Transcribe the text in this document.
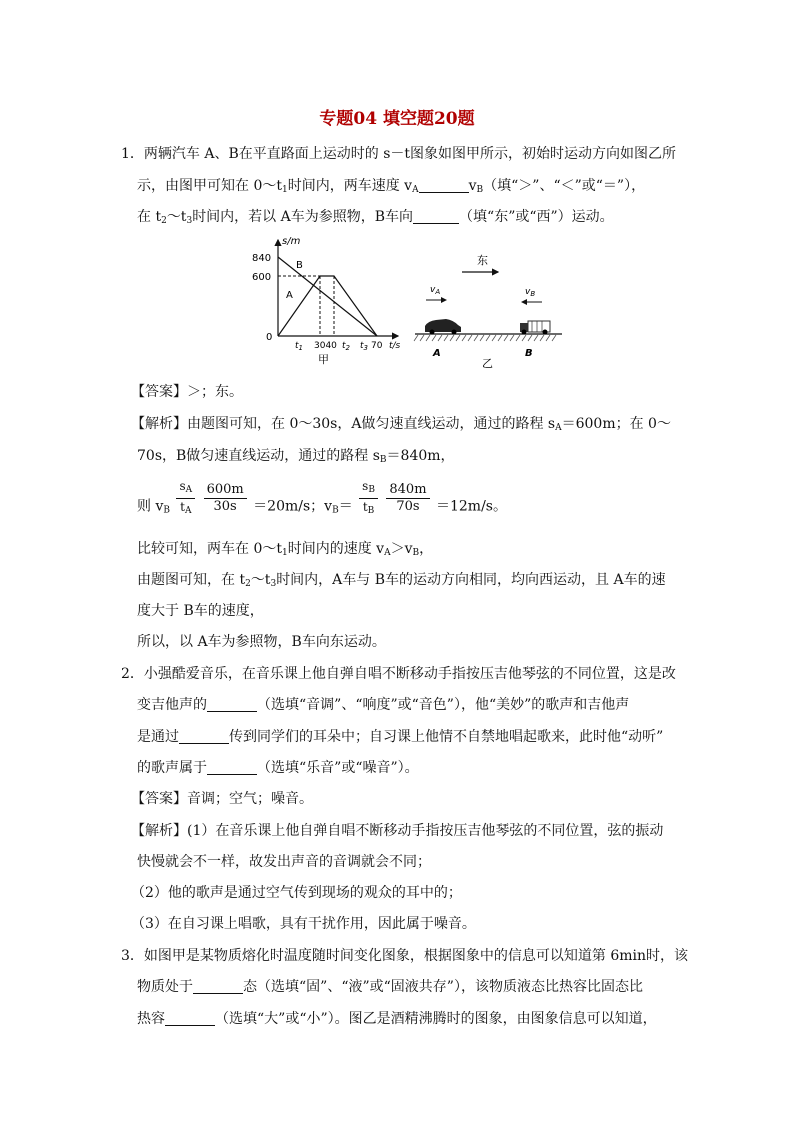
专题04 填空题20题
1．两辆汽车 A、B在平直路面上运动时的 s－t图象如图甲所示，初始时运动方向如图乙所
示，由图甲可知在 $0\sim t_1$时间内，两车速度 $v_A$	$v_B$（填“＞”、“＜”或“＝”），
在 $t_2\sim t_3$时间内，若以 A车为参照物，B车向	（填“东”或“西”）运动。
s/m
840
600
0
B
A
$t_1$ 3040 $t_2$ $t_3$ 70 t/s
甲
东
$v_A$	$v_B$
A	B
乙
【答案】＞；东。
【解析】由题图可知，在 0～30s，A做匀速直线运动，通过的路程 $s_A=600m$；在 0～
70s，B做匀速直线运动，通过的路程 $s_B=840m$，
则 $v_B \frac{s_A}{t_A}$
$\frac{600m}{30s} =20m/s$；$v_B= \frac{s_B}{t_B}$
$\frac{840m}{70s} =12m/s$。
比较可知，两车在 $0\sim t_1$时间内的速度 $v_A>v_B$，
由题图可知，在 $t_2\sim t_3$时间内，A车与 B车的运动方向相同，均向西运动，且 A车的速
度大于 B车的速度，
所以，以 A车为参照物，B车向东运动。
2．小强酷爱音乐，在音乐课上他自弹自唱不断移动手指按压吉他琴弦的不同位置，这是改
变吉他声的	（选填“音调”、“响度”或“音色”），他“美妙”的歌声和吉他声
是通过	传到同学们的耳朵中；自习课上他情不自禁地唱起歌来，此时他“动听”
的歌声属于	（选填“乐音”或“噪音”）。
【答案】音调；空气；噪音。
【解析】(1）在音乐课上他自弹自唱不断移动手指按压吉他琴弦的不同位置，弦的振动
快慢就会不一样，故发出声音的音调就会不同；
（2）他的歌声是通过空气传到现场的观众的耳中的；
（3）在自习课上唱歌，具有干扰作用，因此属于噪音。
3．如图甲是某物质熔化时温度随时间变化图象，根据图象中的信息可以知道第 6min时，该
物质处于	态（选填“固”、“液”或“固液共存”），该物质液态比热容比固态比
热容	（选填“大”或“小”）。图乙是酒精沸腾时的图象，由图象信息可以知道，
